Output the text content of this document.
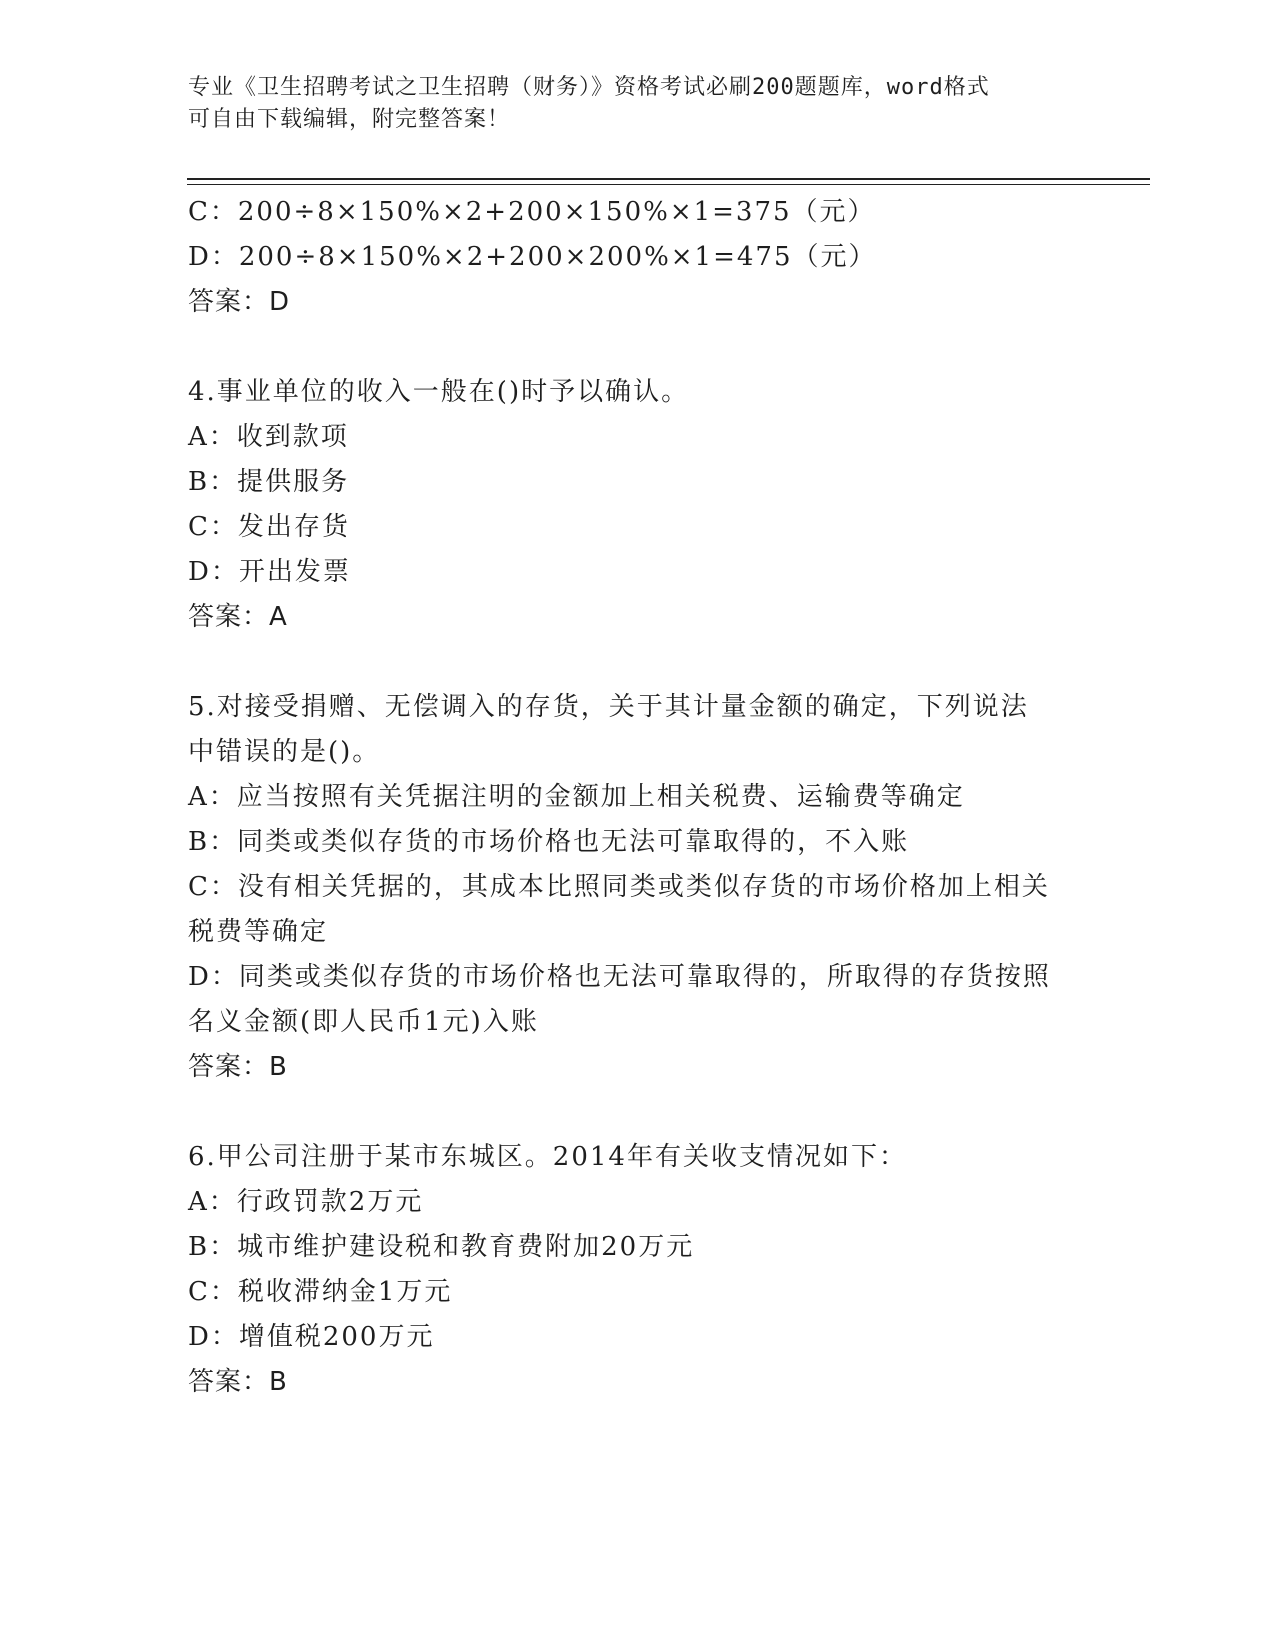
专业《卫生招聘考试之卫生招聘（财务）》资格考试必刷200题题库，word格式
可自由下载编辑，附完整答案！
C：200÷8×150%×2+200×150%×1=375（元）
D：200÷8×150%×2+200×200%×1=475（元）
答案：D
4.事业单位的收入一般在()时予以确认。
A：收到款项
B：提供服务
C：发出存货
D：开出发票
答案：A
5.对接受捐赠、无偿调入的存货，关于其计量金额的确定，下列说法
中错误的是()。
A：应当按照有关凭据注明的金额加上相关税费、运输费等确定
B：同类或类似存货的市场价格也无法可靠取得的，不入账
C：没有相关凭据的，其成本比照同类或类似存货的市场价格加上相关
税费等确定
D：同类或类似存货的市场价格也无法可靠取得的，所取得的存货按照
名义金额(即人民币1元)入账
答案：B
6.甲公司注册于某市东城区。2014年有关收支情况如下：
A：行政罚款2万元
B：城市维护建设税和教育费附加20万元
C：税收滞纳金1万元
D：增值税200万元
答案：B
